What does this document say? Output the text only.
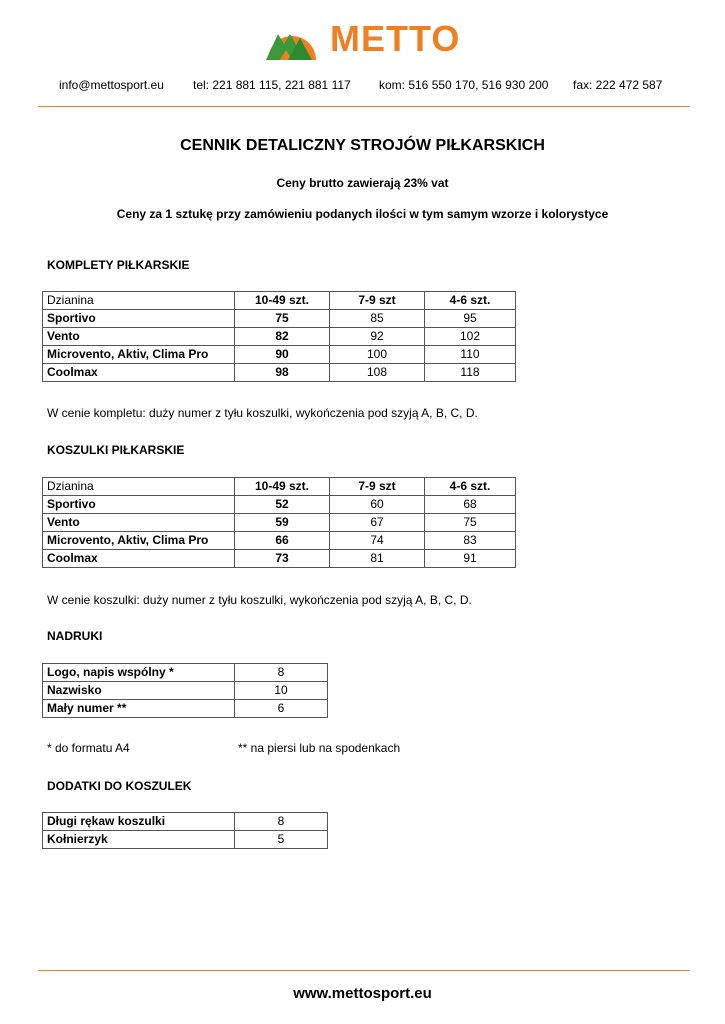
METTO
info@mettosport.eu tel: 221 881 115, 221 881 117 kom: 516 550 170, 516 930 200 fax: 222 472 587
CENNIK DETALICZNY STROJÓW PIŁKARSKICH
Ceny brutto zawierają 23% vat
Ceny za 1 sztukę przy zamówieniu podanych ilości w tym samym wzorze i kolorystyce
KOMPLETY PIŁKARSKIE
Dzianina	10-49 szt.	7-9 szt	4-6 szt.
Sportivo	75	85	95
Vento	82	92	102
Microvento, Aktiv, Clima Pro	90	100	110
Coolmax	98	108	118
W cenie kompletu: duży numer z tyłu koszulki, wykończenia pod szyją A, B, C, D.
KOSZULKI PIŁKARSKIE
Dzianina	10-49 szt.	7-9 szt	4-6 szt.
Sportivo	52	60	68
Vento	59	67	75
Microvento, Aktiv, Clima Pro	66	74	83
Coolmax	73	81	91
W cenie koszulki: duży numer z tyłu koszulki, wykończenia pod szyją A, B, C, D.
NADRUKI
Logo, napis wspólny *	8
Nazwisko	10
Mały numer **	6
* do formatu A4	** na piersi lub na spodenkach
DODATKI DO KOSZULEK
Długi rękaw koszulki	8
Kołnierzyk	5
www.mettosport.eu
